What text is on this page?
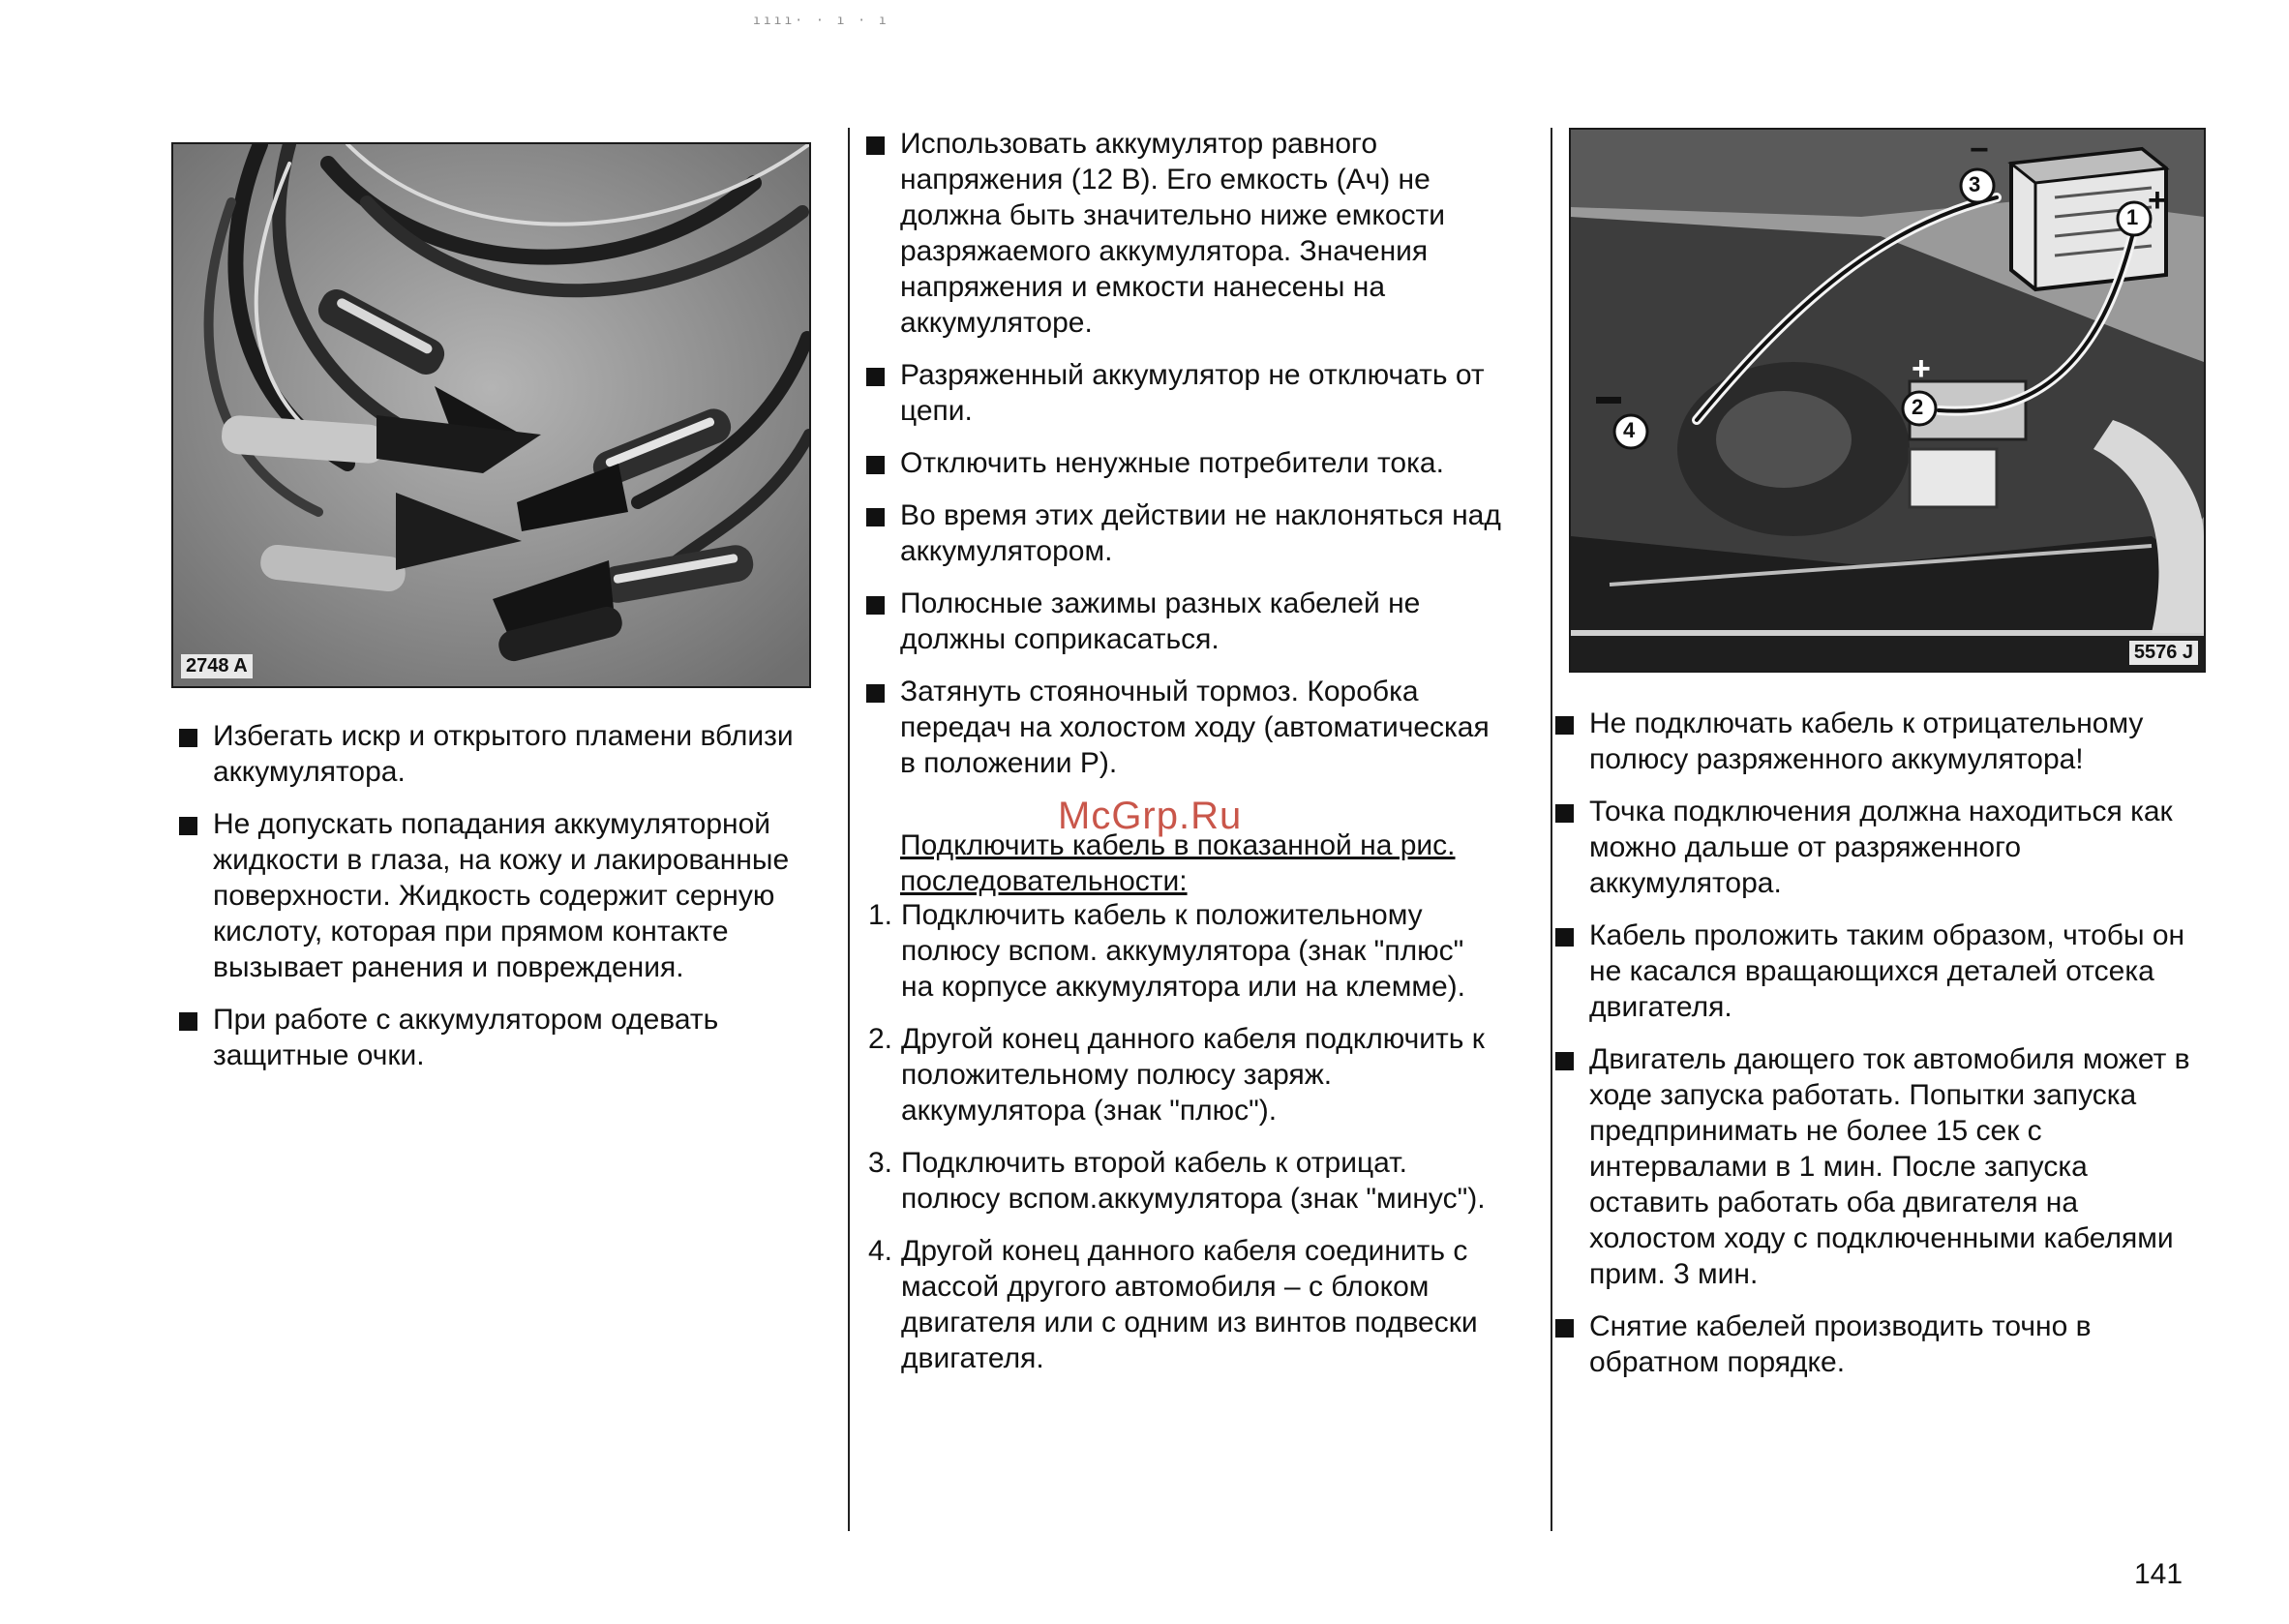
ıııı· · ı · ı
2748 A
3
1
2
4
−
+
+
5576 J
Избегать искр и открытого пламени вблизи аккумулятора.
Не допускать попадания аккумуляторной жидкости в глаза, на кожу и лакированные поверхности. Жидкость содержит серную кислоту, которая при прямом контакте вызывает ранения и повреждения.
При работе с аккумулятором одевать защитные очки.
Использовать аккумулятор равного напряжения (12 В). Его емкость (Ач) не должна быть значительно ниже емкости разряжаемого аккумулятора. Значения напряжения и емкости нанесены на аккумуляторе.
Разряженный аккумулятор не отключать от цепи.
Отключить ненужные потребители тока.
Во время этих действии не наклоняться над аккумулятором.
Полюсные зажимы разных кабелей не должны соприкасаться.
Затянуть стояночный тормоз. Коробка передач на холостом ходу (автоматическая в положении Р).
Подключить кабель в показанной на рис. последовательности:
1. Подключить кабель к положительному полюсу вспом. аккумулятора (знак "плюс" на корпусе аккумулятора или на клемме).
2. Другой конец данного кабеля подключить к положительному полюсу заряж. аккумулятора (знак "плюс").
3. Подключить второй кабель к отрицат. полюсу вспом.аккумулятора (знак "минус").
4. Другой конец данного кабеля соединить с массой другого автомобиля – с блоком двигателя или с одним из винтов подвески двигателя.
Не подключать кабель к отрицательному полюсу разряженного аккумулятора!
Точка подключения должна находиться как можно дальше от разряженного аккумулятора.
Кабель проложить таким образом, чтобы он не касался вращающихся деталей отсека двигателя.
Двигатель дающего ток автомобиля может в ходе запуска работать. Попытки запуска предпринимать не более 15 сек с интервалами в 1 мин. После запуска оставить работать оба двигателя на холостом ходу с подключенными кабелями прим. 3 мин.
Снятие кабелей производить точно в обратном порядке.
McGrp.Ru
141
